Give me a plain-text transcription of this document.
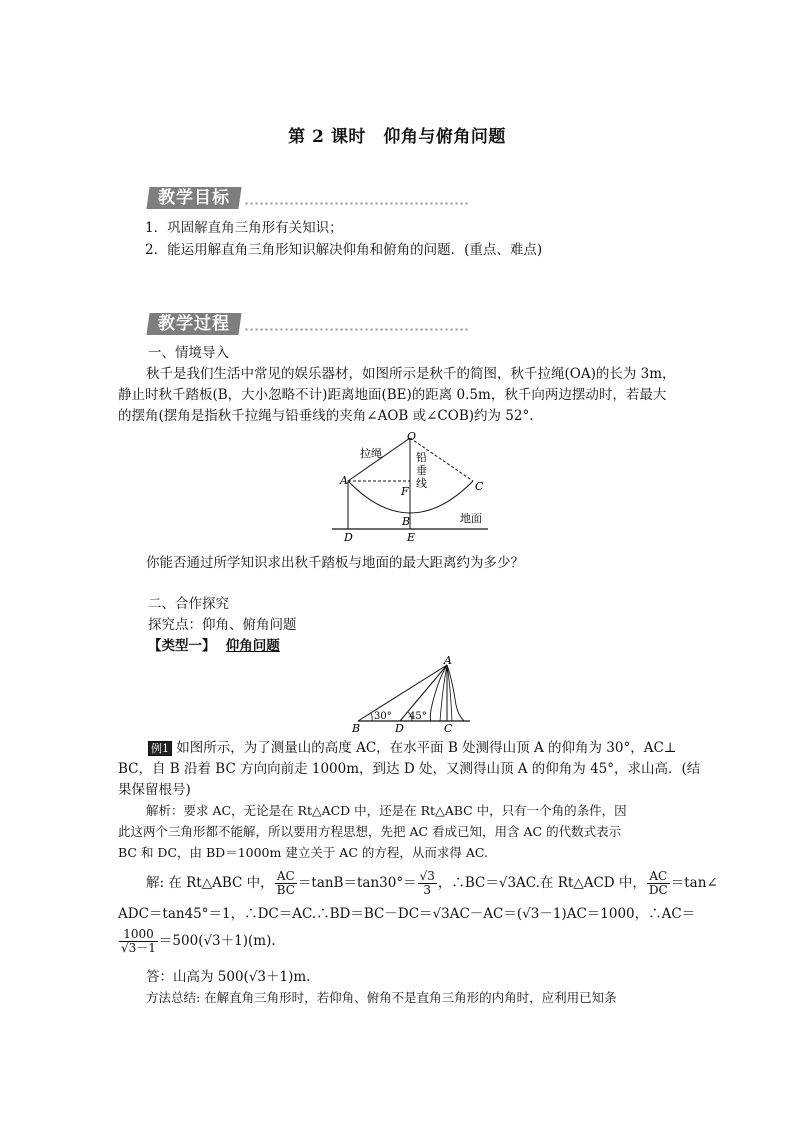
第 2 课时　仰角与俯角问题
教学目标
1．巩固解直角三角形有关知识；
2．能运用解直角三角形知识解决仰角和俯角的问题．(重点、难点)
教学过程
一、情境导入
秋千是我们生活中常见的娱乐器材，如图所示是秋千的简图，秋千拉绳(OA)的长为 3m，
静止时秋千踏板(B，大小忽略不计)距离地面(BE)的距离 0.5m，秋千向两边摆动时，若最大
的摆角(摆角是指秋千拉绳与铅垂线的夹角∠AOB 或∠COB)约为 52°.
O
A	C
F
B
D	E
拉绳	铅
垂
线
地面
你能否通过所学知识求出秋千踏板与地面的最大距离约为多少？
二、合作探究
探究点：仰角、俯角问题
【类型一】 仰角问题
A
B	D	C
30° 45°
例1 如图所示，为了测量山的高度 AC，在水平面 B 处测得山顶 A 的仰角为 30°，AC⊥
BC，自 B 沿着 BC 方向向前走 1000m，到达 D 处，又测得山顶 A 的仰角为 45°，求山高．(结
果保留根号)
解析：要求 AC，无论是在 Rt△ACD 中，还是在 Rt△ABC 中，只有一个角的条件，因
此这两个三角形都不能解，所以要用方程思想，先把 AC 看成已知，用含 AC 的代数式表示
BC 和 DC，由 BD＝1000m 建立关于 AC 的方程，从而求得 AC.
解: 在 Rt△ABC 中， $\frac{AC}{BC} =\tan B=\tan 30^\circ= \frac{√3}{3}$ ，∴BC＝√3AC.在 Rt△ACD 中， $\frac{AC}{DC}$ ＝tan∠
ADC＝tan45°＝1，∴DC＝AC.∴BD＝BC－DC＝√3AC－AC＝(√3－1)AC＝1000，∴AC＝
$\frac{1000}{√3-1} =500(√3+1)(m)$.
答：山高为 500(√3＋1)m.
方法总结: 在解直角三角形时，若仰角、俯角不是直角三角形的内角时，应利用已知条
